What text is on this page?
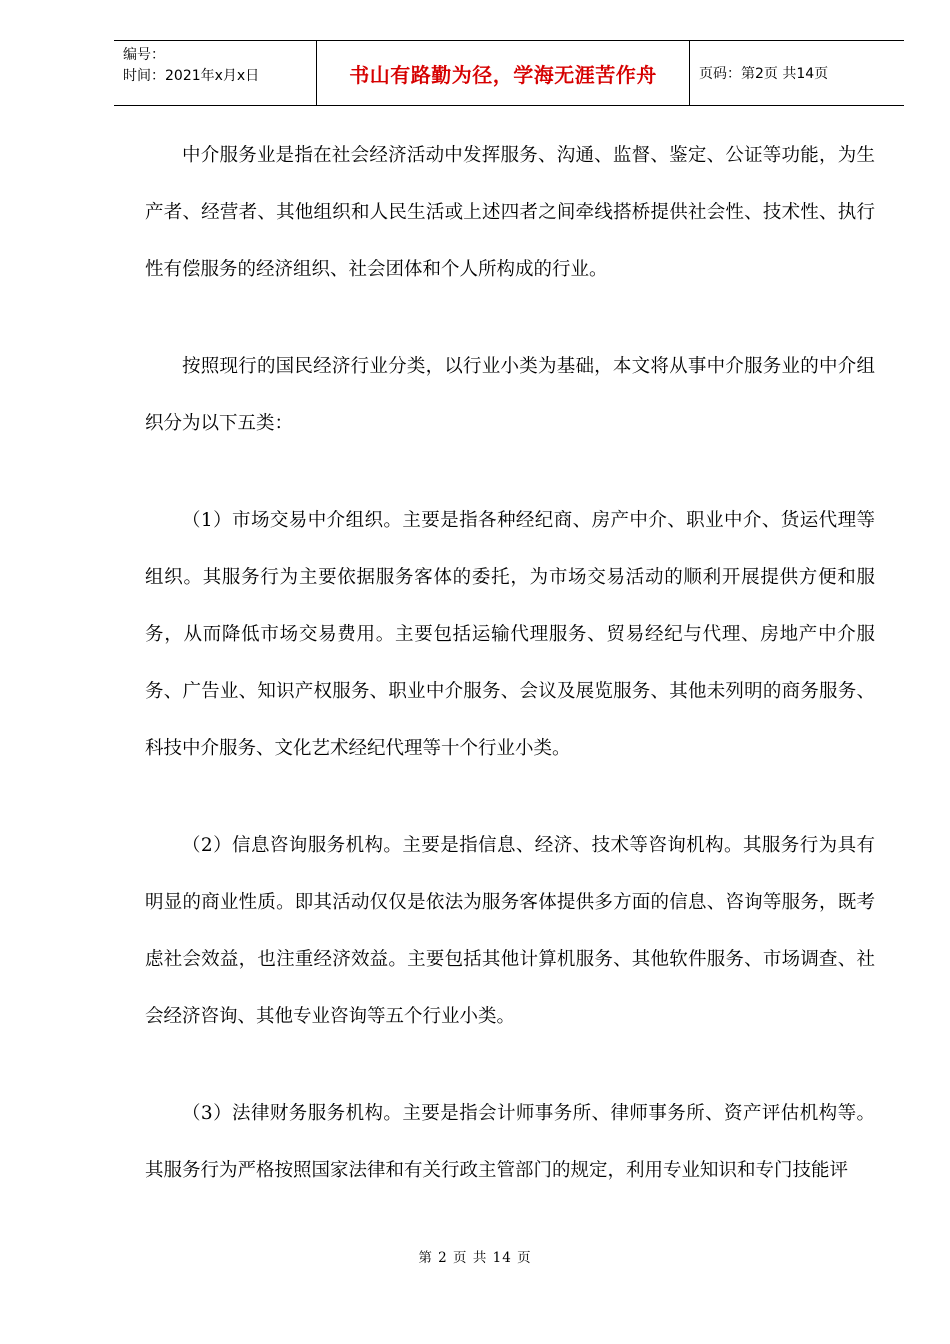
编号：
时间：2021年x月x日	书山有路勤为径，学海无涯苦作舟	页码：第2页 共14页

中介服务业是指在社会经济活动中发挥服务、沟通、监督、鉴定、公证等功能，为生产者、经营者、其他组织和人民生活或上述四者之间牵线搭桥提供社会性、技术性、执行性有偿服务的经济组织、社会团体和个人所构成的行业。

按照现行的国民经济行业分类，以行业小类为基础，本文将从事中介服务业的中介组织分为以下五类：

（1）市场交易中介组织。主要是指各种经纪商、房产中介、职业中介、货运代理等组织。其服务行为主要依据服务客体的委托，为市场交易活动的顺利开展提供方便和服务，从而降低市场交易费用。主要包括运输代理服务、贸易经纪与代理、房地产中介服务、广告业、知识产权服务、职业中介服务、会议及展览服务、其他未列明的商务服务、科技中介服务、文化艺术经纪代理等十个行业小类。

（2）信息咨询服务机构。主要是指信息、经济、技术等咨询机构。其服务行为具有明显的商业性质。即其活动仅仅是依法为服务客体提供多方面的信息、咨询等服务，既考虑社会效益，也注重经济效益。主要包括其他计算机服务、其他软件服务、市场调查、社会经济咨询、其他专业咨询等五个行业小类。

（3）法律财务服务机构。主要是指会计师事务所、律师事务所、资产评估机构等。其服务行为严格按照国家法律和有关行政主管部门的规定，利用专业知识和专门技能评

第 2 页 共 14 页
